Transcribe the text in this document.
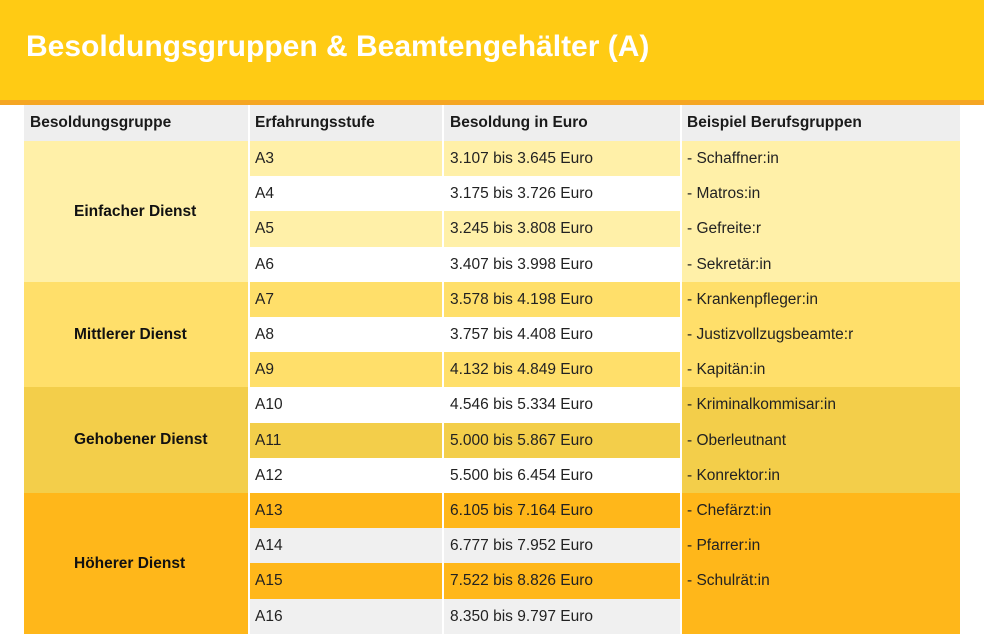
Besoldungsgruppen & Beamtengehälter (A)
Besoldungsgruppe	Erfahrungsstufe	Besoldung in Euro	Beispiel Berufsgruppen
Einfacher Dienst
A3	3.107 bis 3.645 Euro	- Schaffner:in
A4	3.175 bis 3.726 Euro	- Matros:in
A5	3.245 bis 3.808 Euro	- Gefreite:r
A6	3.407 bis 3.998 Euro	- Sekretär:in
Mittlerer Dienst
A7	3.578 bis 4.198 Euro	- Krankenpfleger:in
A8	3.757 bis 4.408 Euro	- Justizvollzugsbeamte:r
A9	4.132 bis 4.849 Euro	- Kapitän:in
Gehobener Dienst
A10	4.546 bis 5.334 Euro	- Kriminalkommisar:in
A11	5.000 bis 5.867 Euro	- Oberleutnant
A12	5.500 bis 6.454 Euro	- Konrektor:in
Höherer Dienst
A13	6.105 bis 7.164 Euro	- Chefärzt:in
A14	6.777 bis 7.952 Euro	- Pfarrer:in
A15	7.522 bis 8.826 Euro	- Schulrät:in
A16	8.350 bis 9.797 Euro
